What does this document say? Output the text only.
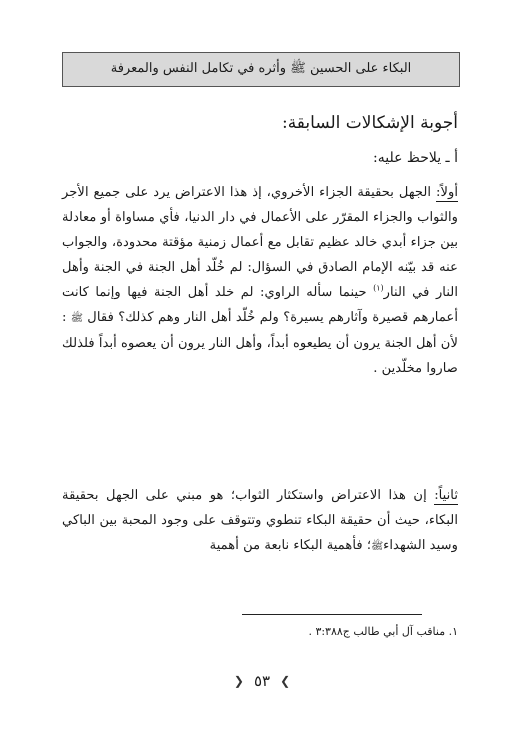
البكاء على الحسين ﷺ وأثره في تكامل النفس والمعرفة
أجوبة الإشكالات السابقة:
أ ـ يلاحظ عليه:
أولاً: الجهل بحقيقة الجزاء الأخروي، إذ هذا الاعتراض يرد على جميع الأجر والثواب والجزاء المقرّر على الأعمال في دار الدنيا، فأي مساواة أو معادلة بين جزاء أبدي خالد عظيم تقابل مع أعمال زمنية مؤقتة محدودة، والجواب عنه قد بيّنه الإمام الصادق في السؤال: لم خُلّد أهل الجنة في الجنة وأهل النار في النار$^{(١)}$ حينما سأله الراوي: لم خلد أهل الجنة فيها وإنما كانت أعمارهم قصيرة وآثارهم يسيرة؟ ولم خُلّد أهل النار وهم كذلك؟ فقال ﷺ : لأن أهل الجنة يرون أن يطيعوه أبداً، وأهل النار يرون أن يعصوه أبداً فلذلك صاروا مخلّدين .
ثانياً: إن هذا الاعتراض واستكثار الثواب؛ هو مبني على الجهل بحقيقة البكاء، حيث أن حقيقة البكاء تنطوي وتتوقف على وجود المحبة بين الباكي وسيد الشهداءﷺ؛ فأهمية البكاء نابعة من أهمية
١. مناقب آل أبي طالب ج٣:٣٨٨ .
❯
٥٣
❮
